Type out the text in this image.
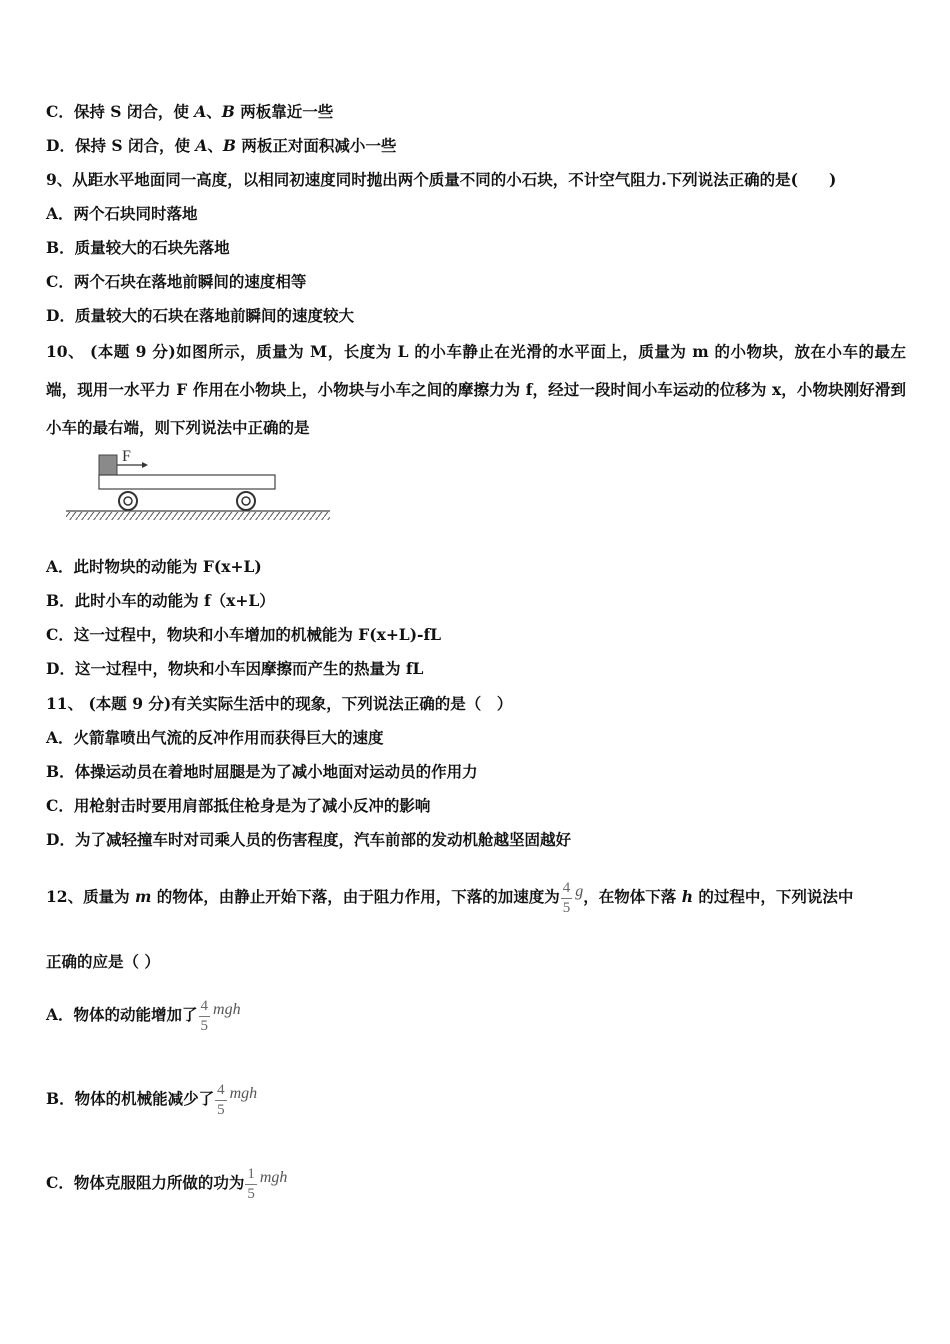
C．保持 S 闭合，使 A、B 两板靠近一些
D．保持 S 闭合，使 A、B 两板正对面积减小一些
9、从距水平地面同一高度，以相同初速度同时抛出两个质量不同的小石块，不计空气阻力.下列说法正确的是(　　)
A．两个石块同时落地
B．质量较大的石块先落地
C．两个石块在落地前瞬间的速度相等
D．质量较大的石块在落地前瞬间的速度较大
10、 (本题 9 分)如图所示，质量为 M，长度为 L 的小车静止在光滑的水平面上，质量为 m 的小物块，放在小车的最左端，现用一水平力 F 作用在小物块上，小物块与小车之间的摩擦力为 f，经过一段时间小车运动的位移为 x，小物块刚好滑到小车的最右端，则下列说法中正确的是
F
A．此时物块的动能为 F(x+L)
B．此时小车的动能为 f（x+L）
C．这一过程中，物块和小车增加的机械能为 F(x+L)-fL
D．这一过程中，物块和小车因摩擦而产生的热量为 fL
11、 (本题 9 分)有关实际生活中的现象，下列说法正确的是（　）
A．火箭靠喷出气流的反冲作用而获得巨大的速度
B．体操运动员在着地时屈腿是为了减小地面对运动员的作用力
C．用枪射击时要用肩部抵住枪身是为了减小反冲的影响
D．为了减轻撞车时对司乘人员的伤害程度，汽车前部的发动机舱越坚固越好
12、质量为 m 的物体，由静止开始下落，由于阻力作用，下落的加速度为 $\frac{4}{5}$ g，在物体下落 h 的过程中，下列说法中
正确的应是（ ）
A．物体的动能增加了 $\frac{4}{5}$ mgh
B．物体的机械能减少了 $\frac{4}{5}$ mgh
C．物体克服阻力所做的功为 $\frac{1}{5}$ mgh
